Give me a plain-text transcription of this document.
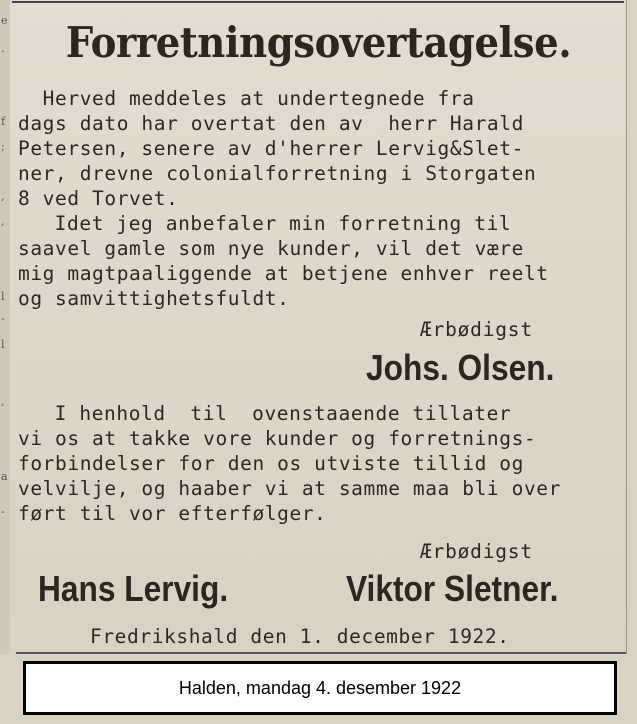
e
.
f
;
,
,
l
-
l
,
a
-
Forretningsovertagelse.
Herved meddeles at undertegnede fra
dags dato har overtat den av  herr Harald
Petersen, senere av d'herrer Lervig&Slet-
ner, drevne colonialforretning i Storgaten
8 ved Torvet.
Idet jeg anbefaler min forretning til
saavel gamle som nye kunder, vil det være
mig magtpaaliggende at betjene enhver reelt
og samvittighetsfuldt.
Ærbødigst
Johs. Olsen.
I henhold  til  ovenstaaende tillater
vi os at takke vore kunder og forretnings-
forbindelser for den os utviste tillid og
velvilje, og haaber vi at samme maa bli over
ført til vor efterfølger.
Ærbødigst
Hans Lervig.	Viktor Sletner.
Fredrikshald den 1. december 1922.
Halden, mandag 4. desember 1922
